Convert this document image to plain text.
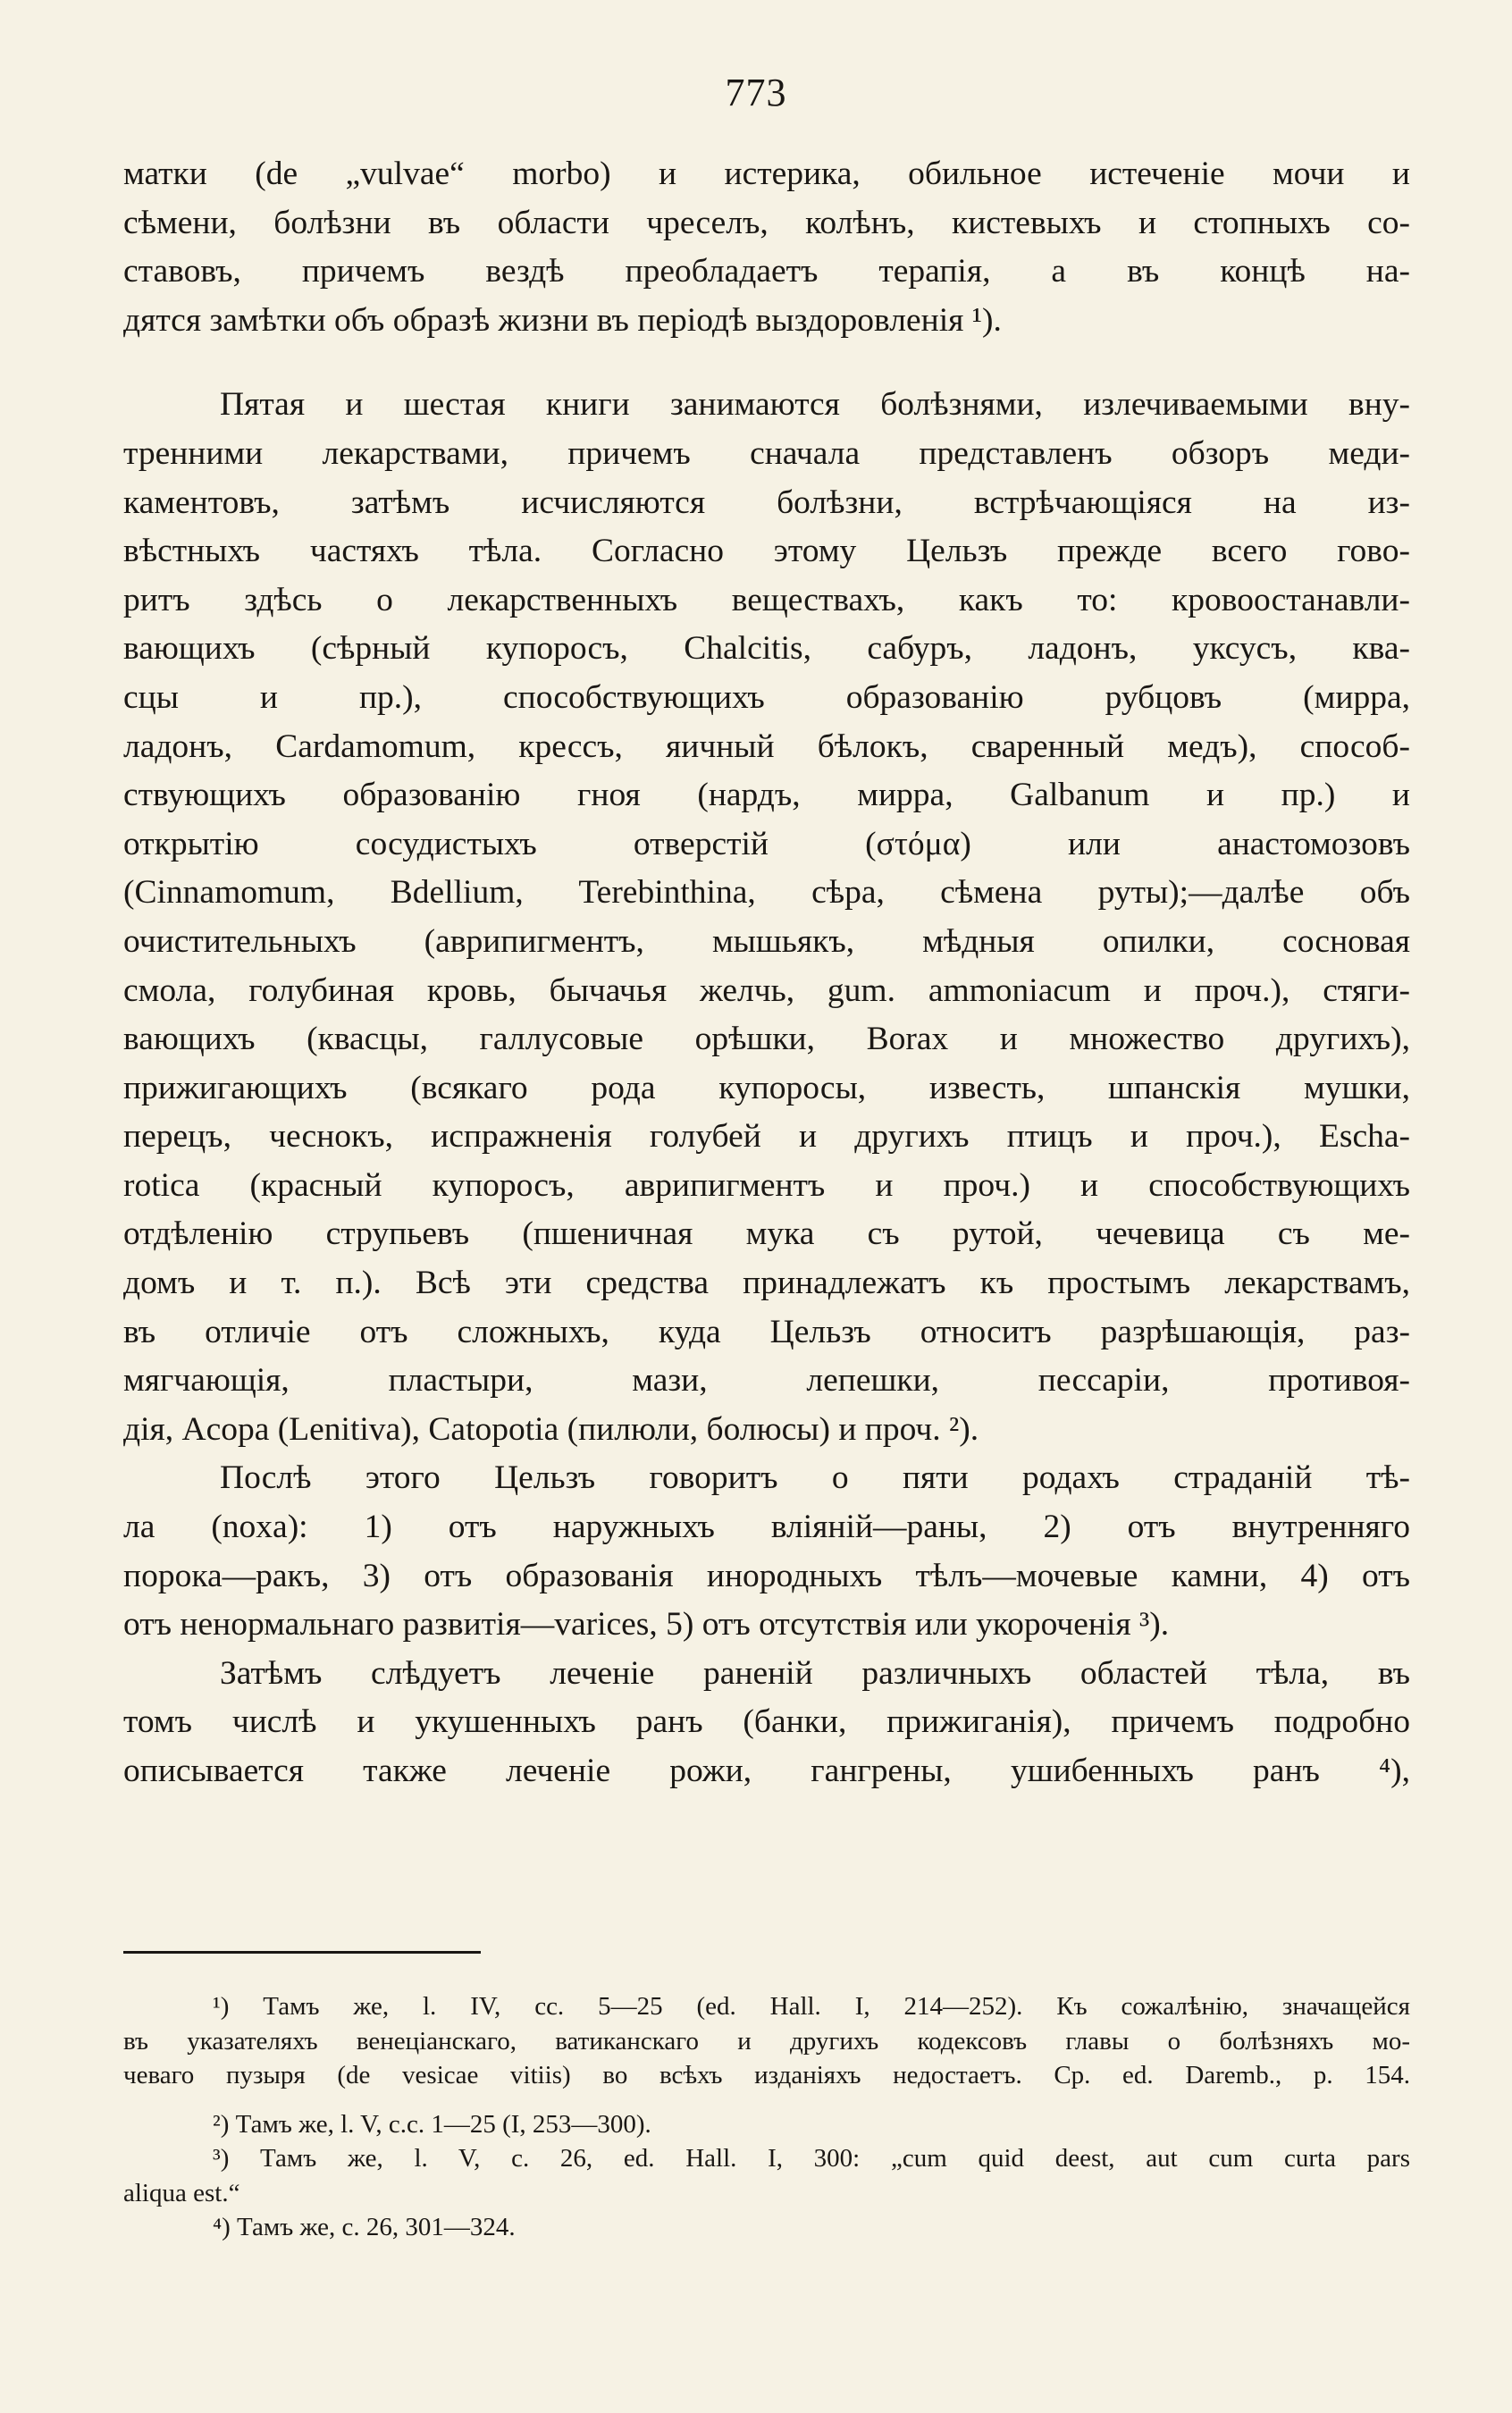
773
матки (de „vulvae“ morbo) и истерика, обильное истеченіе мочи и
сѣмени, болѣзни въ области чреселъ, колѣнъ, кистевыхъ и стопныхъ со-
ставовъ, причемъ вездѣ преобладаетъ терапія, а въ концѣ на-
дятся замѣтки объ образѣ жизни въ періодѣ выздоровленія ¹).
Пятая и шестая книги занимаются болѣзнями, излечиваемыми вну-
тренними лекарствами, причемъ сначала представленъ обзоръ меди-
каментовъ, затѣмъ исчисляются болѣзни, встрѣчающіяся на из-
вѣстныхъ частяхъ тѣла. Согласно этому Цельзъ прежде всего гово-
ритъ здѣсь о лекарственныхъ веществахъ, какъ то: кровоостанавли-
вающихъ (сѣрный купоросъ, Chalcitis, сабуръ, ладонъ, уксусъ, ква-
сцы и пр.), способствующихъ образованію рубцовъ (мирра,
ладонъ, Cardamomum, крессъ, яичный бѣлокъ, сваренный медъ), способ-
ствующихъ образованію гноя (нардъ, мирра, Galbanum и пр.) и
открытію сосудистыхъ отверстій (στόμα) или анастомозовъ
(Cinnamomum, Bdellium, Terebinthina, сѣра, сѣмена руты);—далѣе объ
очистительныхъ (аврипигментъ, мышьякъ, мѣдныя опилки, сосновая
смола, голубиная кровь, бычачья желчь, gum. ammoniacum и проч.), стяги-
вающихъ (квасцы, галлусовые орѣшки, Borax и множество другихъ),
прижигающихъ (всякаго рода купоросы, известь, шпанскія мушки,
перецъ, чеснокъ, испражненія голубей и другихъ птицъ и проч.), Escha-
rotica (красный купоросъ, аврипигментъ и проч.) и способствующихъ
отдѣленію струпьевъ (пшеничная мука съ рутой, чечевица съ ме-
домъ и т. п.). Всѣ эти средства принадлежатъ къ простымъ лекарствамъ,
въ отличіе отъ сложныхъ, куда Цельзъ относитъ разрѣшающія, раз-
мягчающія, пластыри, мази, лепешки, пессаріи, противоя-
дія, Acopa (Lenitiva), Catopotia (пилюли, болюсы) и проч. ²).
Послѣ этого Цельзъ говоритъ о пяти родахъ страданій тѣ-
ла (noxa): 1) отъ наружныхъ вліяній—раны, 2) отъ внутренняго
порока—ракъ, 3) отъ образованія инородныхъ тѣлъ—мочевые камни, 4) отъ
отъ ненормальнаго развитія—varices, 5) отъ отсутствія или укороченія ³).
Затѣмъ слѣдуетъ леченіе раненій различныхъ областей тѣла, въ
томъ числѣ и укушенныхъ ранъ (банки, прижиганія), причемъ подробно
описывается также леченіе рожи, гангрены, ушибенныхъ ранъ ⁴),
¹) Тамъ же, l. IV, cc. 5—25 (ed. Hall. I, 214—252). Къ сожалѣнію, значащейся
въ указателяхъ венеціанскаго, ватиканскаго и другихъ кодексовъ главы о болѣзняхъ мо-
чеваго пузыря (de vesicae vitiis) во всѣхъ изданіяхъ недостаетъ. Cp. ed. Daremb., p. 154.
²) Тамъ же, l. V, c.c. 1—25 (I, 253—300).
³) Тамъ же, l. V, c. 26, ed. Hall. I, 300: „cum quid deest, aut cum curta pars
aliqua est.“
⁴) Тамъ же, c. 26, 301—324.
